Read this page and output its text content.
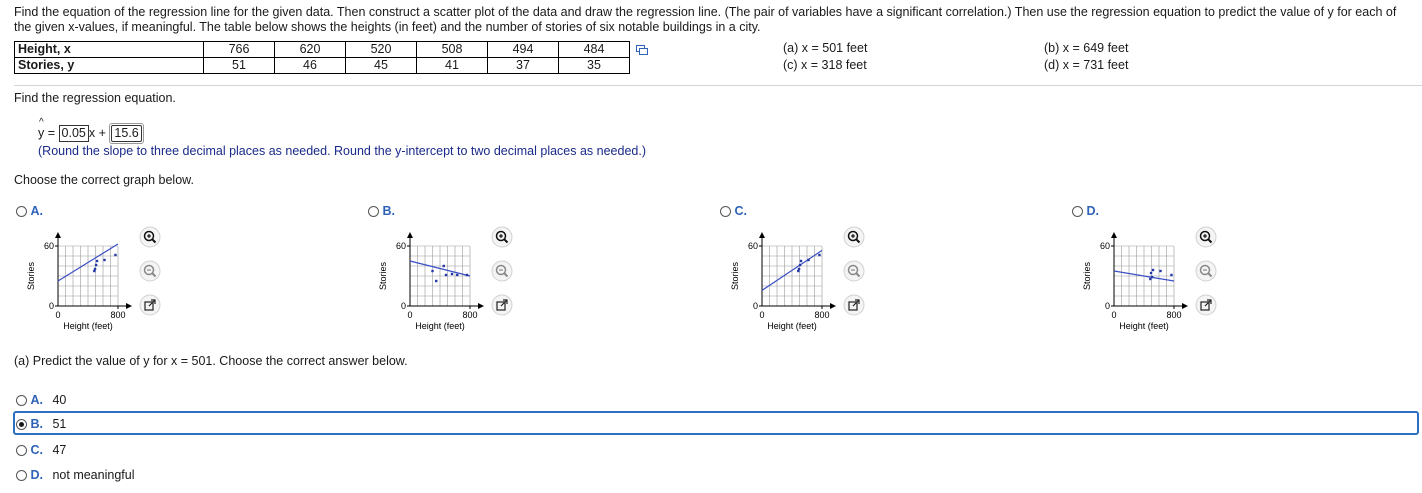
Find the equation of the regression line for the given data. Then construct a scatter plot of the data and draw the regression line. (The pair of variables have a significant correlation.) Then use the regression equation to predict the value of y for each of the given x-values, if meaningful. The table below shows the heights (in feet) and the number of stories of six notable buildings in a city.
Height, x	766	620	520	508	494	484
Stories, y	51	46	45	41	37	35
(a) x = 501 feet
(c) x = 318 feet
(b) x = 649 feet
(d) x = 731 feet
Find the regression equation.
^
y = 0.05 x + 15.6
(Round the slope to three decimal places as needed. Round the y-intercept to two decimal places as needed.)
Choose the correct graph below.
A.	B.	C.	D.
60
0
0	800
Height (feet)
Stories
60
0
0	800
Height (feet)
Stories
60
0
0	800
Height (feet)
Stories
60
0
0	800
Height (feet)
Stories
(a) Predict the value of y for x = 501. Choose the correct answer below.
A. 40
B. 51
C. 47
D. not meaningful
